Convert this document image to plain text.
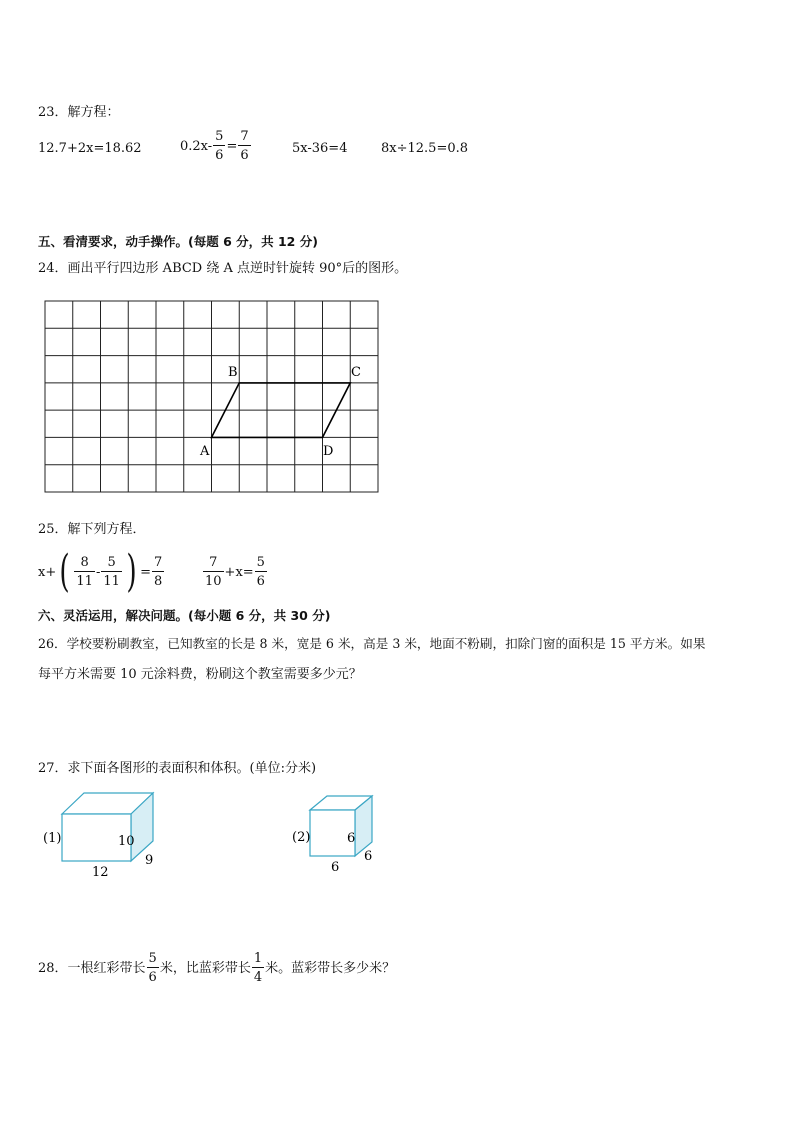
23．解方程：
12.7+2x=18.62	$0.2x- \frac{5}{6} = \frac{7}{6}$	5x-36=4	8x÷12.5=0.8
五、看清要求，动手操作。(每题 6 分，共 12 分)
24．画出平行四边形 ABCD 绕 A 点逆时针旋转 90°后的图形。
A
B	C
D
25．解下列方程．
x+ ( $\frac{8}{11} - \frac{5}{11}$ ) = $\frac{7}{8}$	$\frac{7}{10} +x= \frac{5}{6}$
六、灵活运用，解决问题。(每小题 6 分，共 30 分)
26．学校要粉刷教室，已知教室的长是 8 米，宽是 6 米，高是 3 米，地面不粉刷，扣除门窗的面积是 15 平方米。如果
每平方米需要 10 元涂料费，粉刷这个教室需要多少元？
27．求下面各图形的表面积和体积。(单位:分米)
(1)	10
12
9
(2)	6
6
6
28．一根红彩带长 $\frac{5}{6}$ 米，比蓝彩带长 $\frac{1}{4}$ 米。蓝彩带长多少米？
